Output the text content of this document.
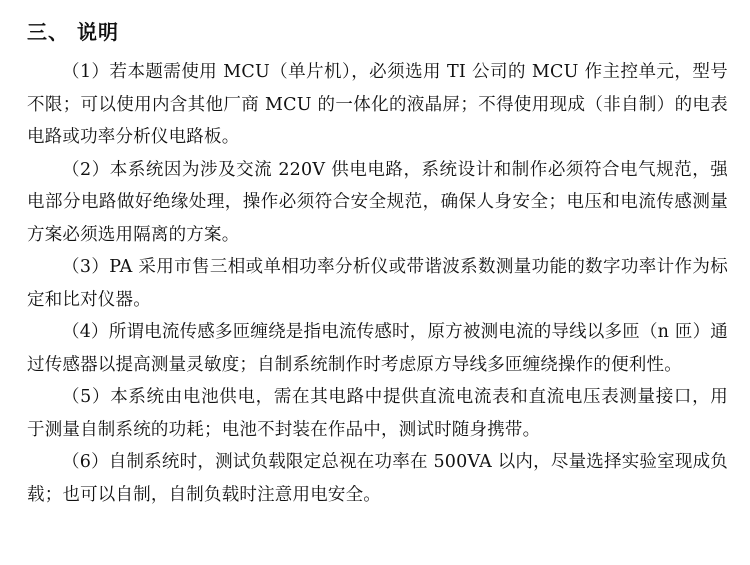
三、 说明

（1）若本题需使用 MCU（单片机），必须选用 TI 公司的 MCU 作主控单元，型号不限；可以使用内含其他厂商 MCU 的一体化的液晶屏；不得使用现成（非自制）的电表电路或功率分析仪电路板。

（2）本系统因为涉及交流 220V 供电电路，系统设计和制作必须符合电气规范，强电部分电路做好绝缘处理，操作必须符合安全规范，确保人身安全；电压和电流传感测量方案必须选用隔离的方案。

（3）PA 采用市售三相或单相功率分析仪或带谐波系数测量功能的数字功率计作为标定和比对仪器。

（4）所谓电流传感多匝缠绕是指电流传感时，原方被测电流的导线以多匝（n 匝）通过传感器以提高测量灵敏度；自制系统制作时考虑原方导线多匝缠绕操作的便利性。

（5）本系统由电池供电，需在其电路中提供直流电流表和直流电压表测量接口，用于测量自制系统的功耗；电池不封装在作品中，测试时随身携带。

（6）自制系统时，测试负载限定总视在功率在 500VA 以内，尽量选择实验室现成负载；也可以自制，自制负载时注意用电安全。
